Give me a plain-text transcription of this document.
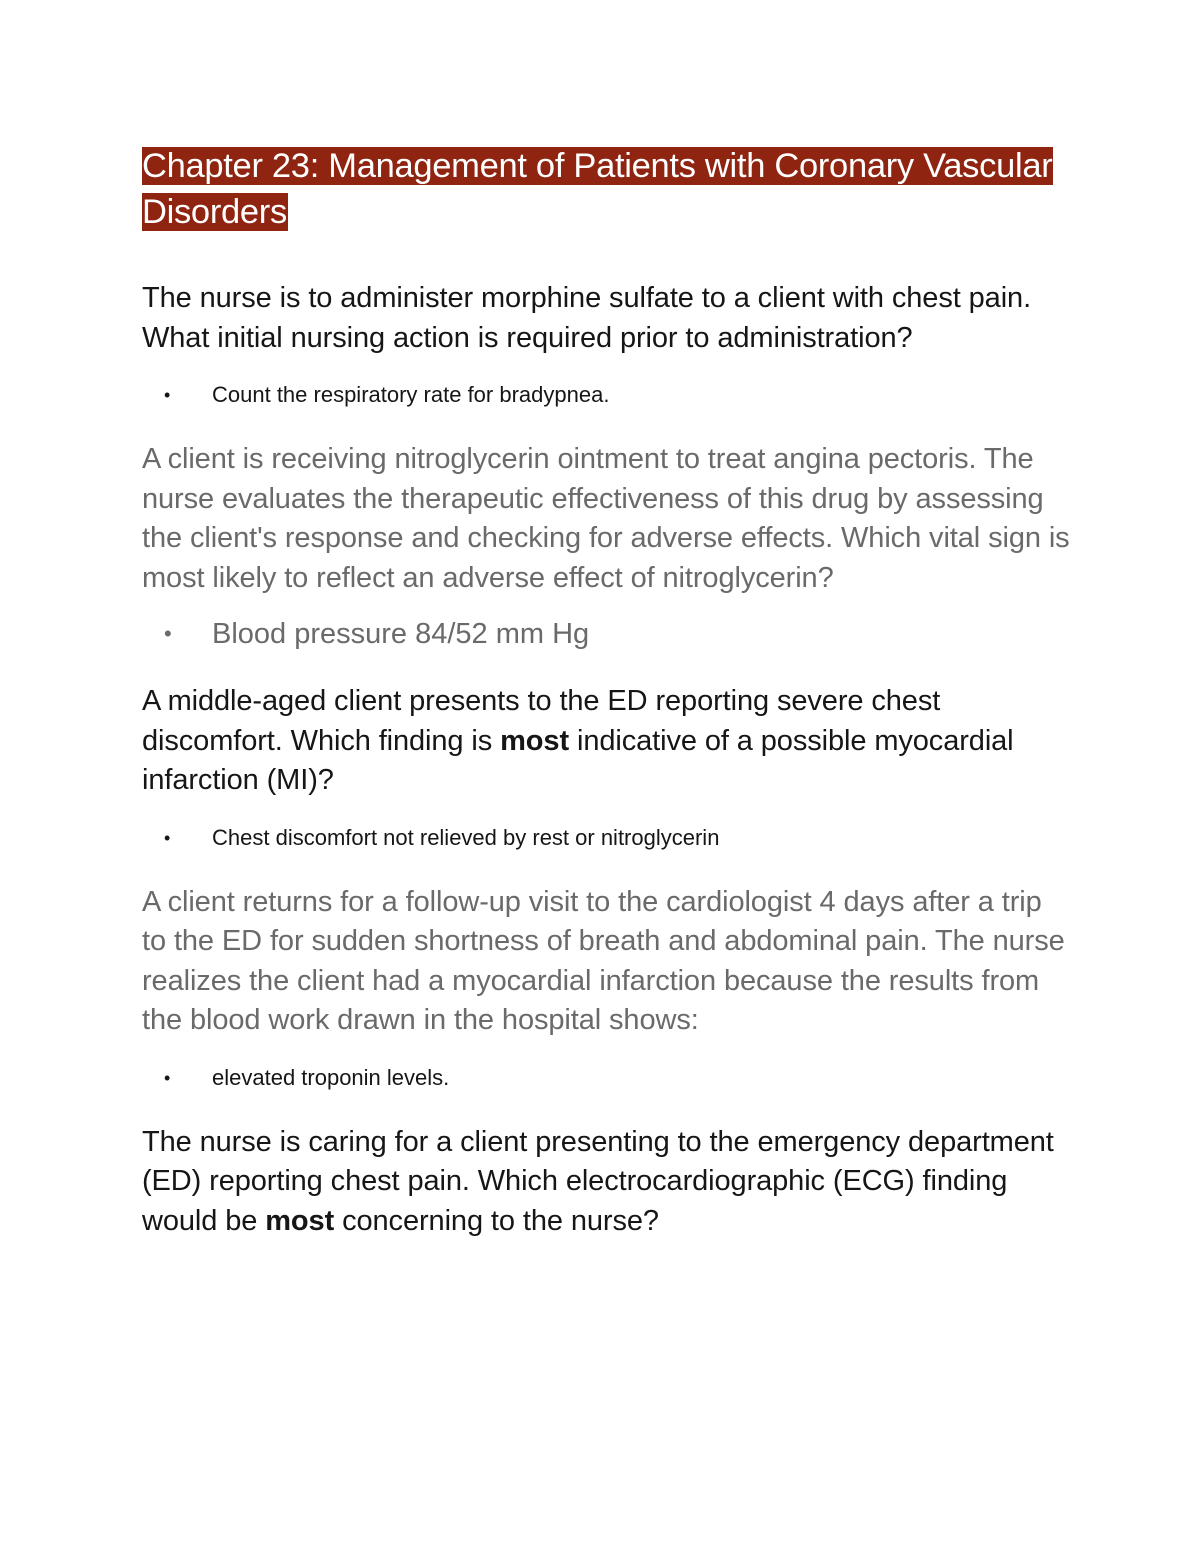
Chapter 23: Management of Patients with Coronary Vascular Disorders

The nurse is to administer morphine sulfate to a client with chest pain. What initial nursing action is required prior to administration?

• Count the respiratory rate for bradypnea.

A client is receiving nitroglycerin ointment to treat angina pectoris. The nurse evaluates the therapeutic effectiveness of this drug by assessing the client's response and checking for adverse effects. Which vital sign is most likely to reflect an adverse effect of nitroglycerin?

• Blood pressure 84/52 mm Hg

A middle-aged client presents to the ED reporting severe chest discomfort. Which finding is most indicative of a possible myocardial infarction (MI)?

• Chest discomfort not relieved by rest or nitroglycerin

A client returns for a follow-up visit to the cardiologist 4 days after a trip to the ED for sudden shortness of breath and abdominal pain. The nurse realizes the client had a myocardial infarction because the results from the blood work drawn in the hospital shows:

• elevated troponin levels.

The nurse is caring for a client presenting to the emergency department (ED) reporting chest pain. Which electrocardiographic (ECG) finding would be most concerning to the nurse?
